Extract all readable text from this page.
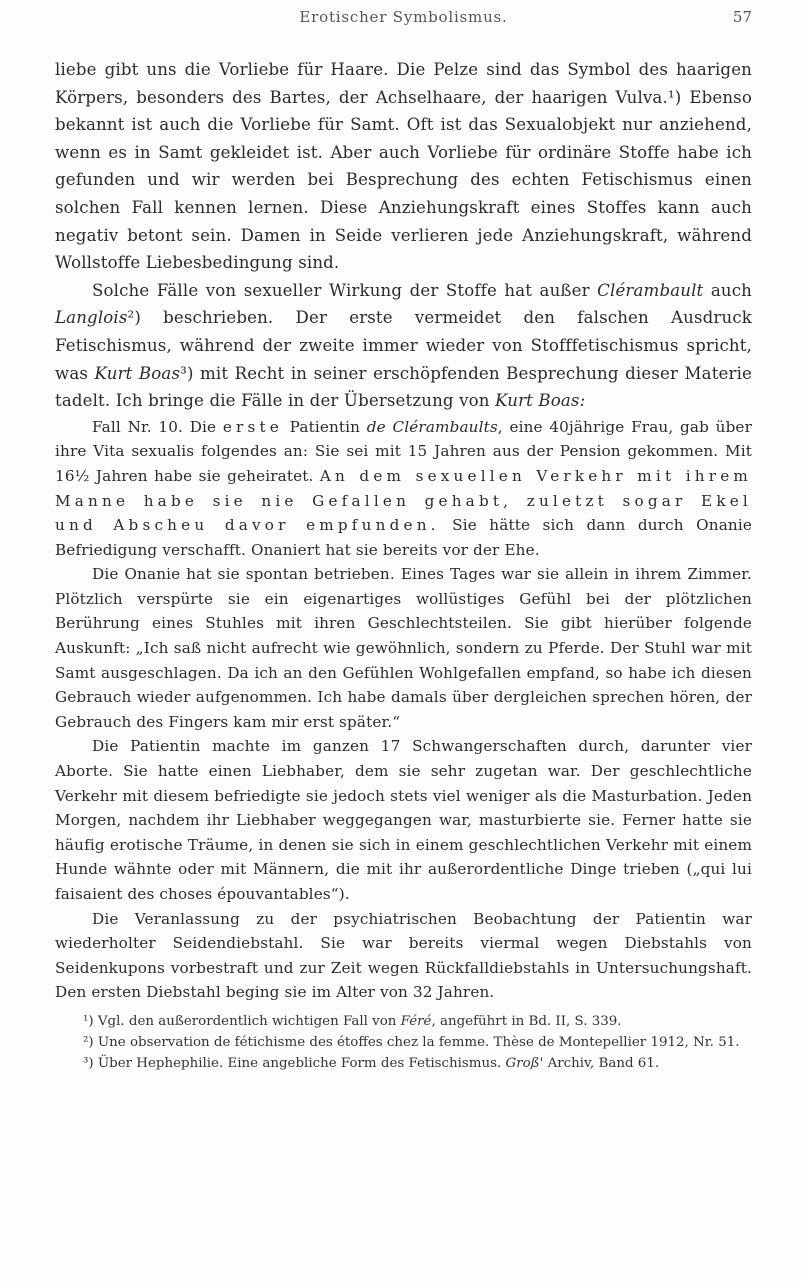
Erotischer Symbolismus.	57

liebe gibt uns die Vorliebe für Haare. Die Pelze sind das Symbol des haarigen Körpers, besonders des Bartes, der Achselhaare, der haarigen Vulva.¹) Ebenso bekannt ist auch die Vorliebe für Samt. Oft ist das Sexualobjekt nur anziehend, wenn es in Samt gekleidet ist. Aber auch Vorliebe für ordinäre Stoffe habe ich gefunden und wir werden bei Besprechung des echten Fetischismus einen solchen Fall kennen lernen. Diese Anziehungskraft eines Stoffes kann auch negativ betont sein. Damen in Seide verlieren jede Anziehungskraft, während Wollstoffe Liebesbedingung sind.

Solche Fälle von sexueller Wirkung der Stoffe hat außer Clérambault auch Langlois²) beschrieben. Der erste vermeidet den falschen Ausdruck Fetischismus, während der zweite immer wieder von Stofffetischismus spricht, was Kurt Boas³) mit Recht in seiner erschöpfenden Besprechung dieser Materie tadelt. Ich bringe die Fälle in der Übersetzung von Kurt Boas:

Fall Nr. 10. Die erste Patientin de Clérambaults, eine 40jährige Frau, gab über ihre Vita sexualis folgendes an: Sie sei mit 15 Jahren aus der Pension gekommen. Mit 16½ Jahren habe sie geheiratet. An dem sexuellen Verkehr mit ihrem Manne habe sie nie Gefallen gehabt, zuletzt sogar Ekel und Abscheu davor empfunden. Sie hätte sich dann durch Onanie Befriedigung verschafft. Onaniert hat sie bereits vor der Ehe.

Die Onanie hat sie spontan betrieben. Eines Tages war sie allein in ihrem Zimmer. Plötzlich verspürte sie ein eigenartiges wollüstiges Gefühl bei der plötzlichen Berührung eines Stuhles mit ihren Geschlechtsteilen. Sie gibt hierüber folgende Auskunft: „Ich saß nicht aufrecht wie gewöhnlich, sondern zu Pferde. Der Stuhl war mit Samt ausgeschlagen. Da ich an den Gefühlen Wohlgefallen empfand, so habe ich diesen Gebrauch wieder aufgenommen. Ich habe damals über dergleichen sprechen hören, der Gebrauch des Fingers kam mir erst später.“

Die Patientin machte im ganzen 17 Schwangerschaften durch, darunter vier Aborte. Sie hatte einen Liebhaber, dem sie sehr zugetan war. Der geschlechtliche Verkehr mit diesem befriedigte sie jedoch stets viel weniger als die Masturbation. Jeden Morgen, nachdem ihr Liebhaber weggegangen war, masturbierte sie. Ferner hatte sie häufig erotische Träume, in denen sie sich in einem geschlechtlichen Verkehr mit einem Hunde wähnte oder mit Männern, die mit ihr außerordentliche Dinge trieben („qui lui faisaient des choses épouvantables“).

Die Veranlassung zu der psychiatrischen Beobachtung der Patientin war wiederholter Seidendiebstahl. Sie war bereits viermal wegen Diebstahls von Seidenkupons vorbestraft und zur Zeit wegen Rückfalldiebstahls in Untersuchungshaft. Den ersten Diebstahl beging sie im Alter von 32 Jahren.

¹) Vgl. den außerordentlich wichtigen Fall von Féré, angeführt in Bd. II, S. 339.

²) Une observation de fétichisme des étoffes chez la femme. Thèse de Montepellier 1912, Nr. 51.

³) Über Hephephilie. Eine angebliche Form des Fetischismus. Groß' Archiv, Band 61.
